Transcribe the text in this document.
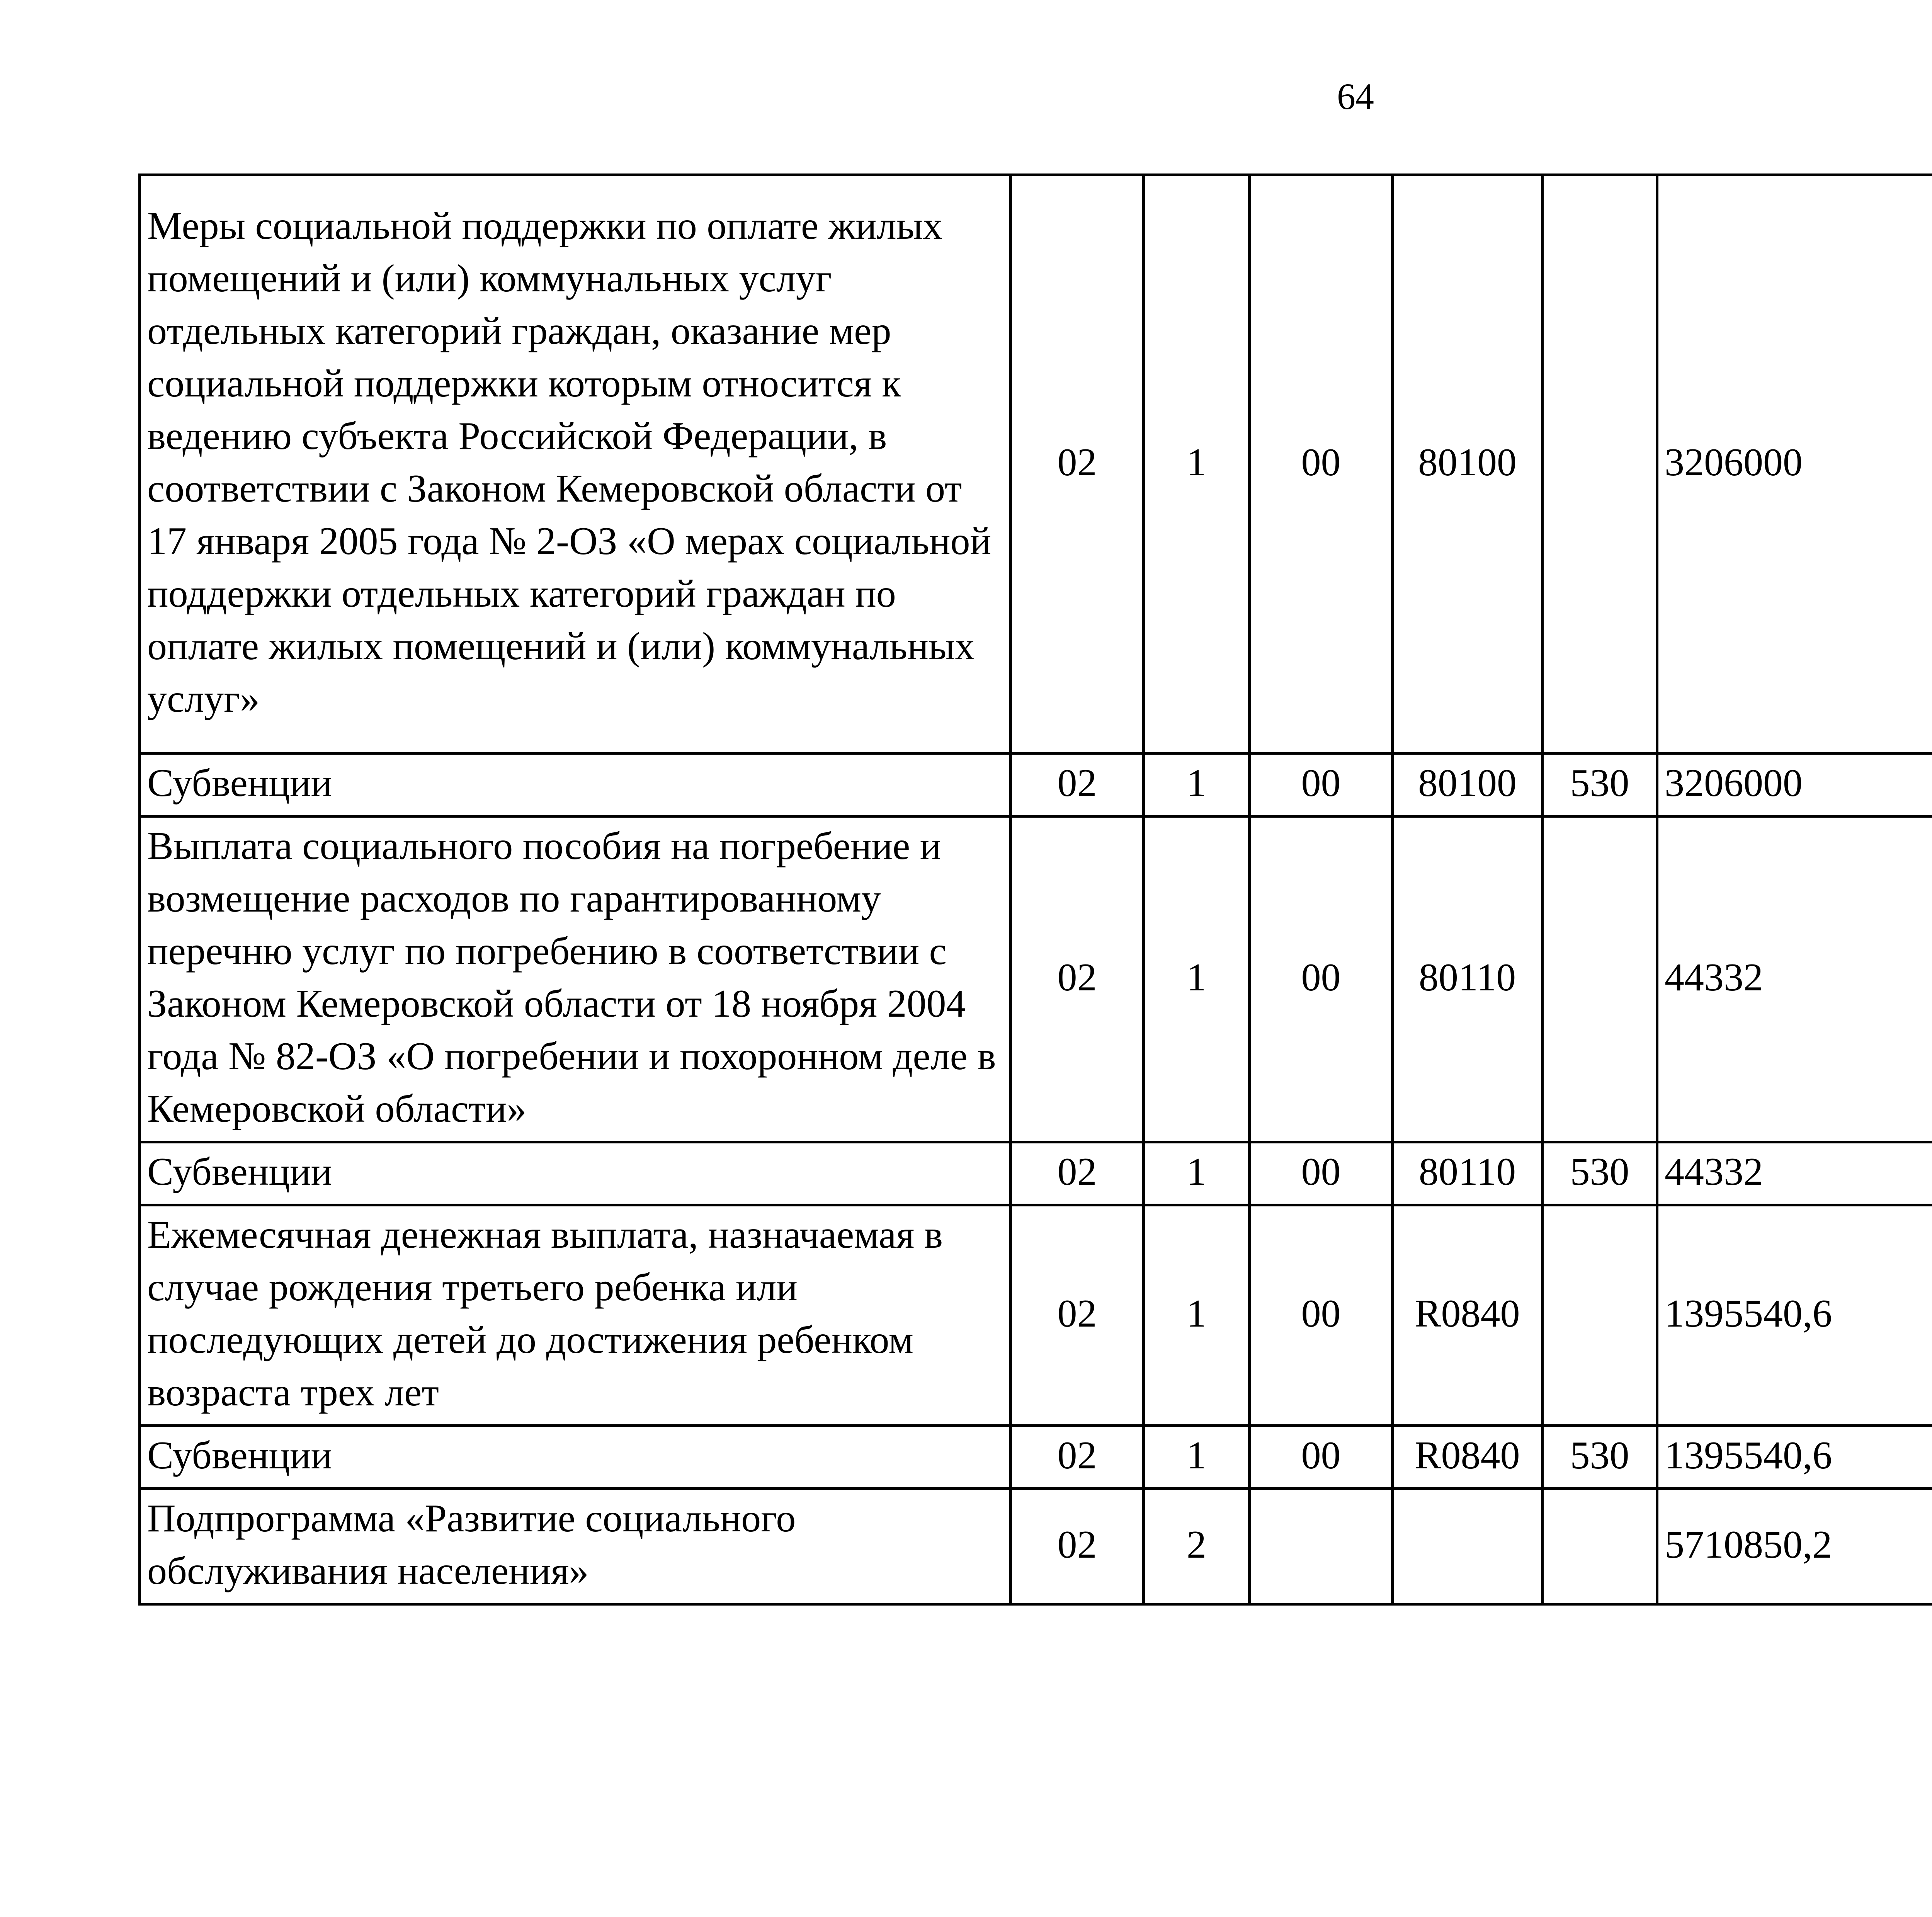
64
Меры социальной поддержки по оплате жилых помещений и (или) коммунальных услуг отдельных категорий граждан, оказание мер социальной поддержки которым относится к ведению субъекта Российской Федерации, в соответствии с Законом Кемеровской области от 17 января 2005 года № 2-ОЗ «О мерах социальной поддержки отдельных категорий граждан по оплате жилых помещений и (или) коммунальных услуг»	02	1	00	80100		3206000		
Субвенции	02	1	00	80100	530	3206000		
Выплата социального пособия на погребение и возмещение расходов по гарантированному перечню услуг по погребению в соответствии с Законом Кемеровской области от 18 ноября 2004 года № 82-ОЗ «О погребении и похоронном деле в Кемеровской области»	02	1	00	80110		44332		
Субвенции	02	1	00	80110	530	44332		
Ежемесячная денежная выплата, назначаемая в случае рождения третьего ребенка или последующих детей до достижения ребенком возраста трех лет	02	1	00	R0840		1395540,6		
Субвенции	02	1	00	R0840	530	1395540,6		
Подпрограмма «Развитие социального обслуживания населения»	02	2				5710850,2		
